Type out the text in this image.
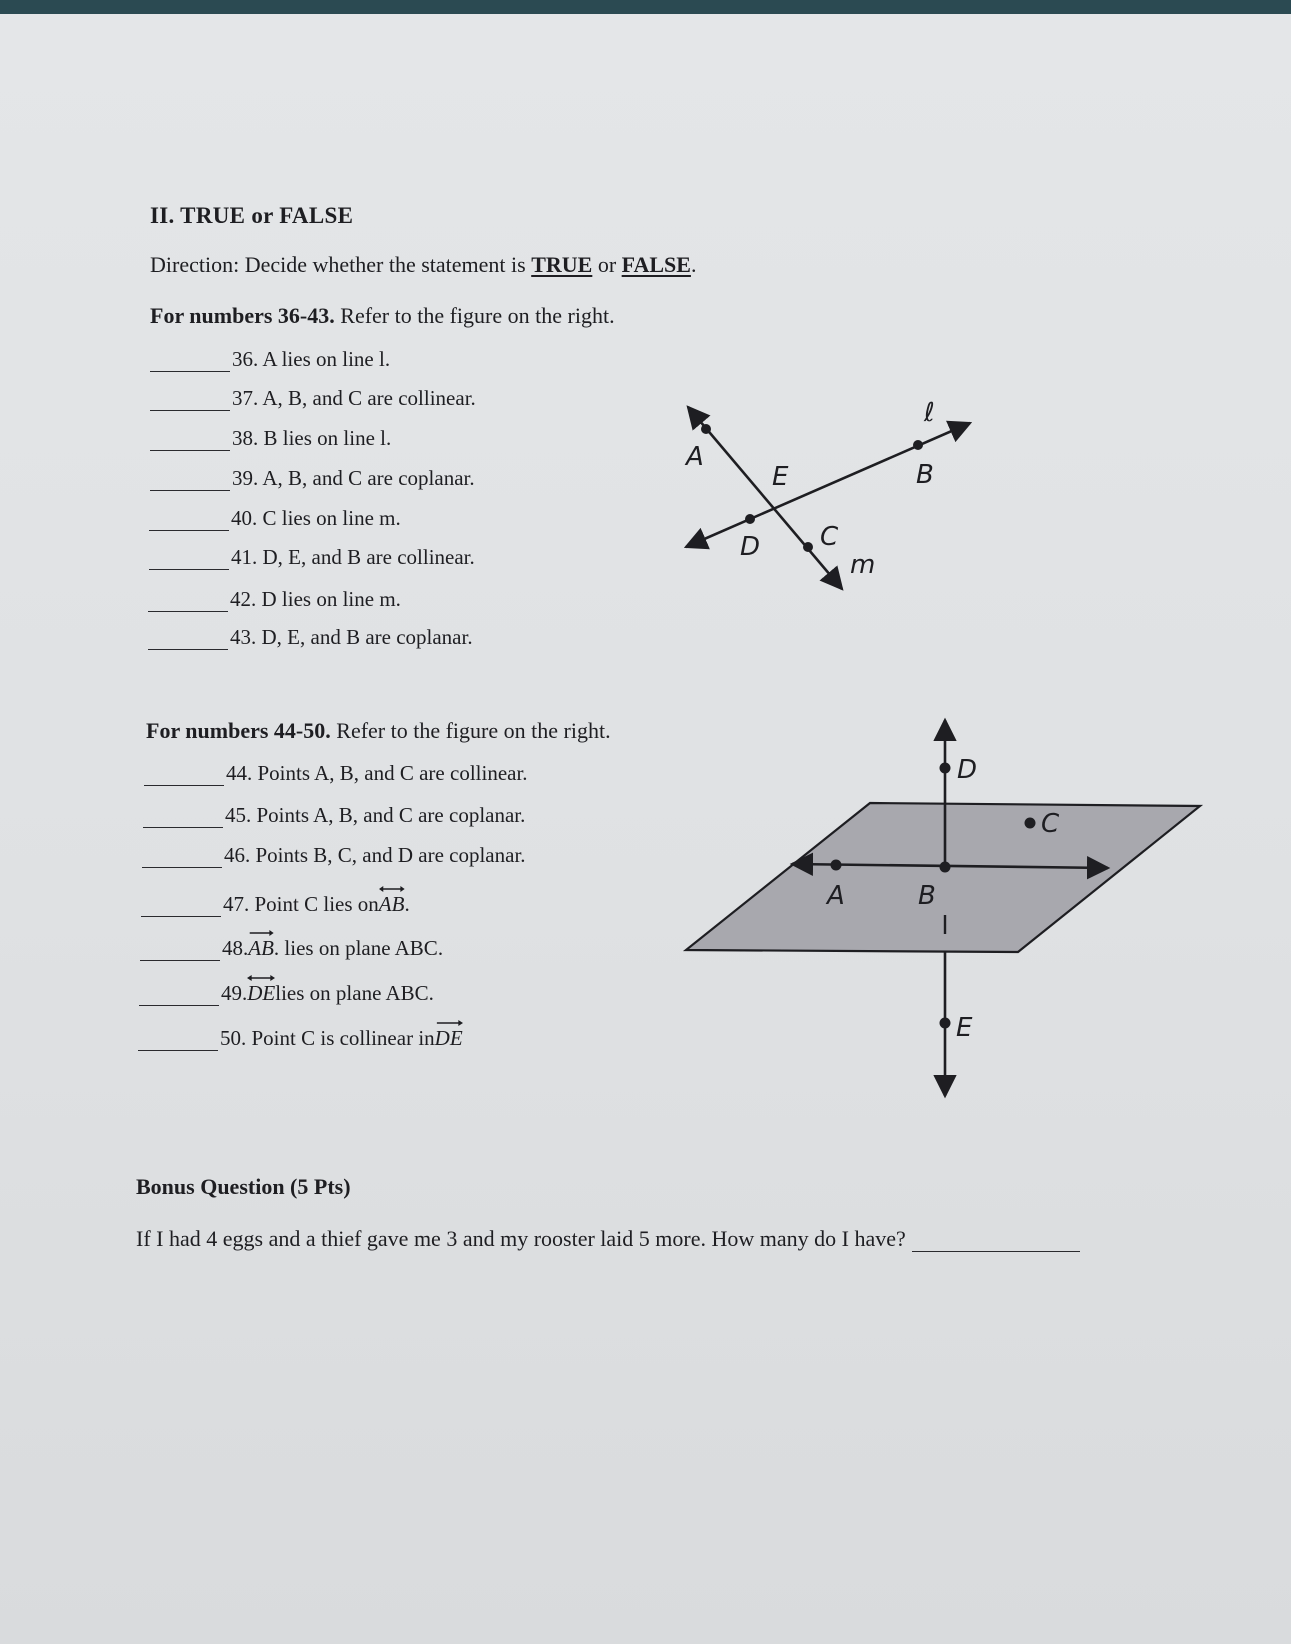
II. TRUE or FALSE
Direction: Decide whether the statement is TRUE or FALSE.
For numbers 36-43. Refer to the figure on the right.
36. A lies on line l.
37. A, B, and C are collinear.
38. B lies on line l.
39. A, B, and C are coplanar.
40. C lies on line m.
41. D, E, and B are collinear.
42. D lies on line m.
43. D, E, and B are coplanar.
A
E
D C
m
B
ℓ
For numbers 44-50. Refer to the figure on the right.
44. Points A, B, and C are collinear.
45. Points A, B, and C are coplanar.
46. Points B, C, and D are coplanar.
47. Point C lies on AB .
48. AB . lies on plane ABC.
49. DE lies on plane ABC.
50. Point C is collinear in DE
D
C
A	B
E
Bonus Question (5 Pts)
If I had 4 eggs and a thief gave me 3 and my rooster laid 5 more. How many do I have?
